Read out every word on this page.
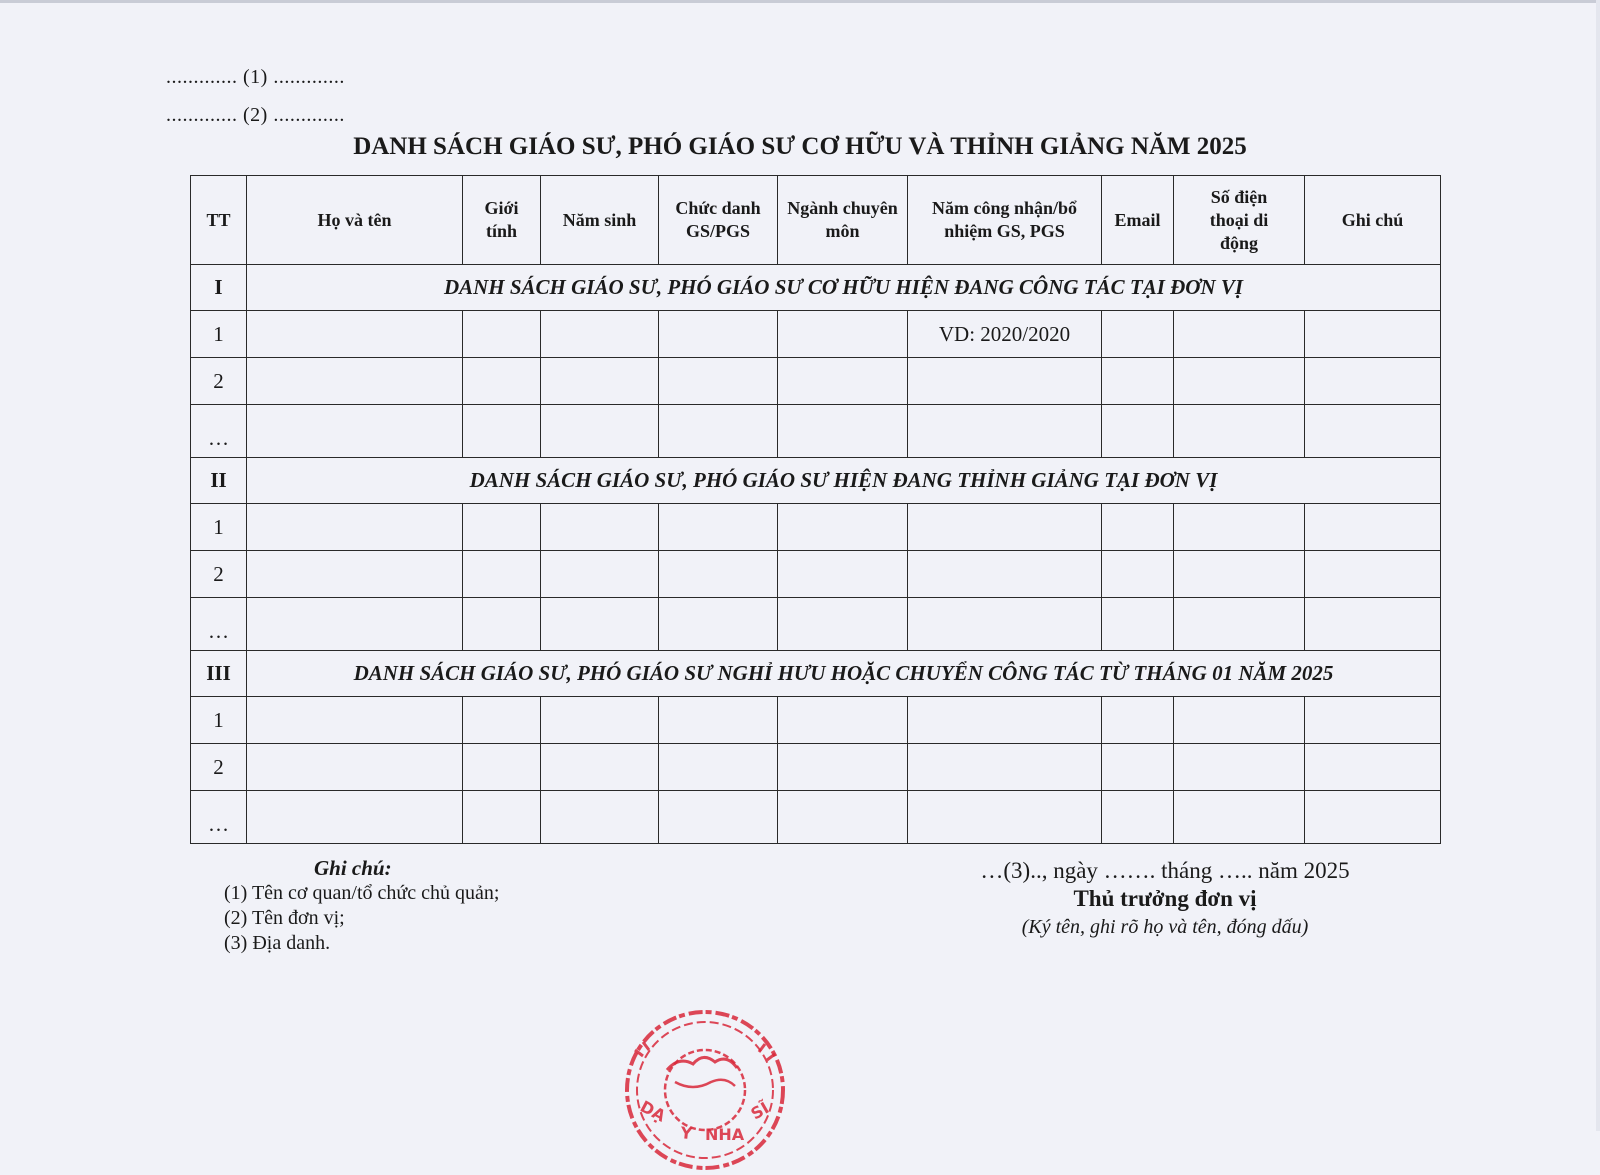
............. (1) .............
............. (2) .............
DANH SÁCH GIÁO SƯ, PHÓ GIÁO SƯ CƠ HỮU VÀ THỈNH GIẢNG NĂM 2025
TT	Họ và tên	Giới tính	Năm sinh	Chức danh GS/PGS	Ngành chuyên môn	Năm công nhận/bổ nhiệm GS, PGS	Email	Số điện thoại di động	Ghi chú
I	DANH SÁCH GIÁO SƯ, PHÓ GIÁO SƯ CƠ HỮU HIỆN ĐANG CÔNG TÁC TẠI ĐƠN VỊ								
1						VD: 2020/2020			
2									
…									
II	DANH SÁCH GIÁO SƯ, PHÓ GIÁO SƯ HIỆN ĐANG THỈNH GIẢNG TẠI ĐƠN VỊ								
1									
2									
…									
III	DANH SÁCH GIÁO SƯ, PHÓ GIÁO SƯ NGHỈ HƯU HOẶC CHUYỂN CÔNG TÁC TỪ THÁNG 01 NĂM 2025								
1									
2									
…									
Ghi chú:
(1) Tên cơ quan/tổ chức chủ quản;
(2) Tên đơn vị;
(3) Địa danh.
…(3).., ngày ……. tháng ….. năm 2025
Thủ trưởng đơn vị
(Ký tên, ghi rõ họ và tên, đóng dấu)
DẠ
Y NHA
SĨ
